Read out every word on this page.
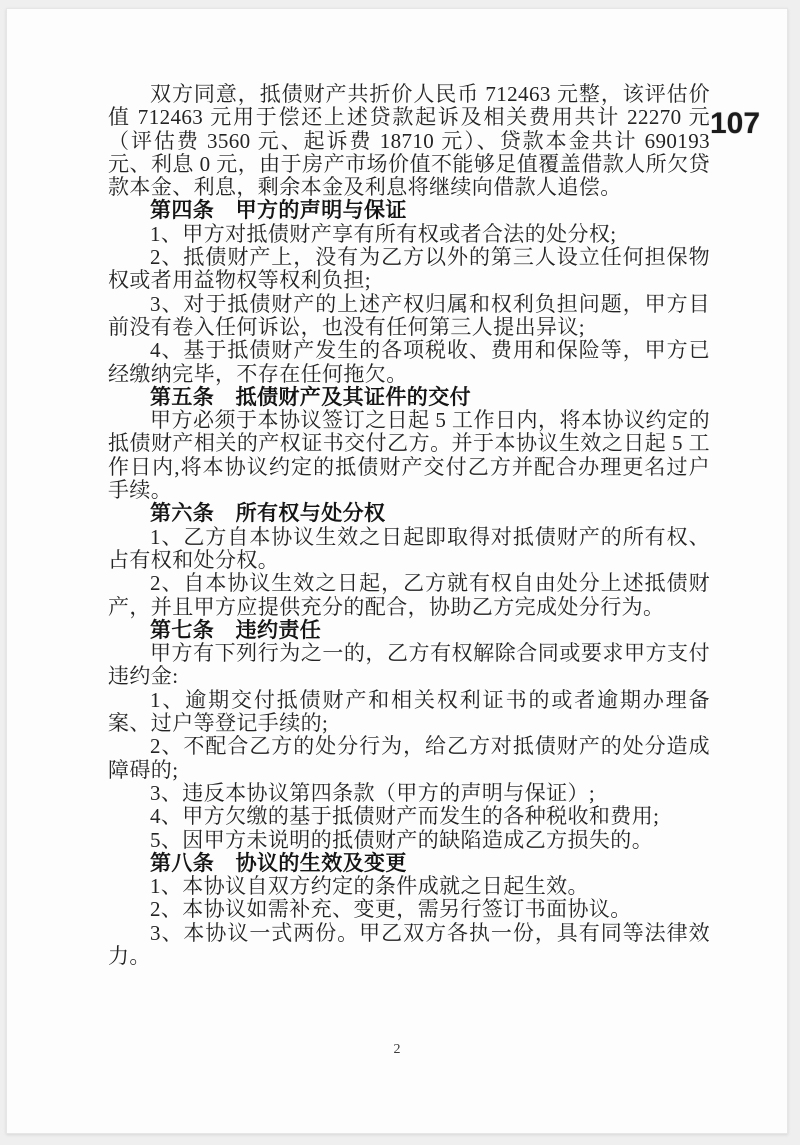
双方同意，抵债财产共折价人民币 712463 元整，该评估价值 712463 元用于偿还上述贷款起诉及相关费用共计 22270 元（评估费 3560 元、起诉费 18710 元）、贷款本金共计 690193 元、利息 0 元，由于房产市场价值不能够足值覆盖借款人所欠贷款本金、利息，剩余本金及利息将继续向借款人追偿。

第四条　甲方的声明与保证

1、甲方对抵债财产享有所有权或者合法的处分权;

2、抵债财产上，没有为乙方以外的第三人设立任何担保物权或者用益物权等权利负担;

3、对于抵债财产的上述产权归属和权利负担问题，甲方目前没有卷入任何诉讼，也没有任何第三人提出异议;

4、基于抵债财产发生的各项税收、费用和保险等，甲方已经缴纳完毕，不存在任何拖欠。

第五条　抵债财产及其证件的交付

甲方必须于本协议签订之日起 5 工作日内，将本协议约定的抵债财产相关的产权证书交付乙方。并于本协议生效之日起 5 工作日内,将本协议约定的抵债财产交付乙方并配合办理更名过户手续。

第六条　所有权与处分权

1、乙方自本协议生效之日起即取得对抵债财产的所有权、占有权和处分权。

2、自本协议生效之日起，乙方就有权自由处分上述抵债财产，并且甲方应提供充分的配合，协助乙方完成处分行为。

第七条　违约责任

甲方有下列行为之一的，乙方有权解除合同或要求甲方支付违约金:

1、逾期交付抵债财产和相关权利证书的或者逾期办理备案、过户等登记手续的;

2、不配合乙方的处分行为，给乙方对抵债财产的处分造成障碍的;

3、违反本协议第四条款（甲方的声明与保证）;

4、甲方欠缴的基于抵债财产而发生的各种税收和费用;

5、因甲方未说明的抵债财产的缺陷造成乙方损失的。

第八条　协议的生效及变更

1、本协议自双方约定的条件成就之日起生效。

2、本协议如需补充、变更，需另行签订书面协议。

3、本协议一式两份。甲乙双方各执一份，具有同等法律效力。

107
2
